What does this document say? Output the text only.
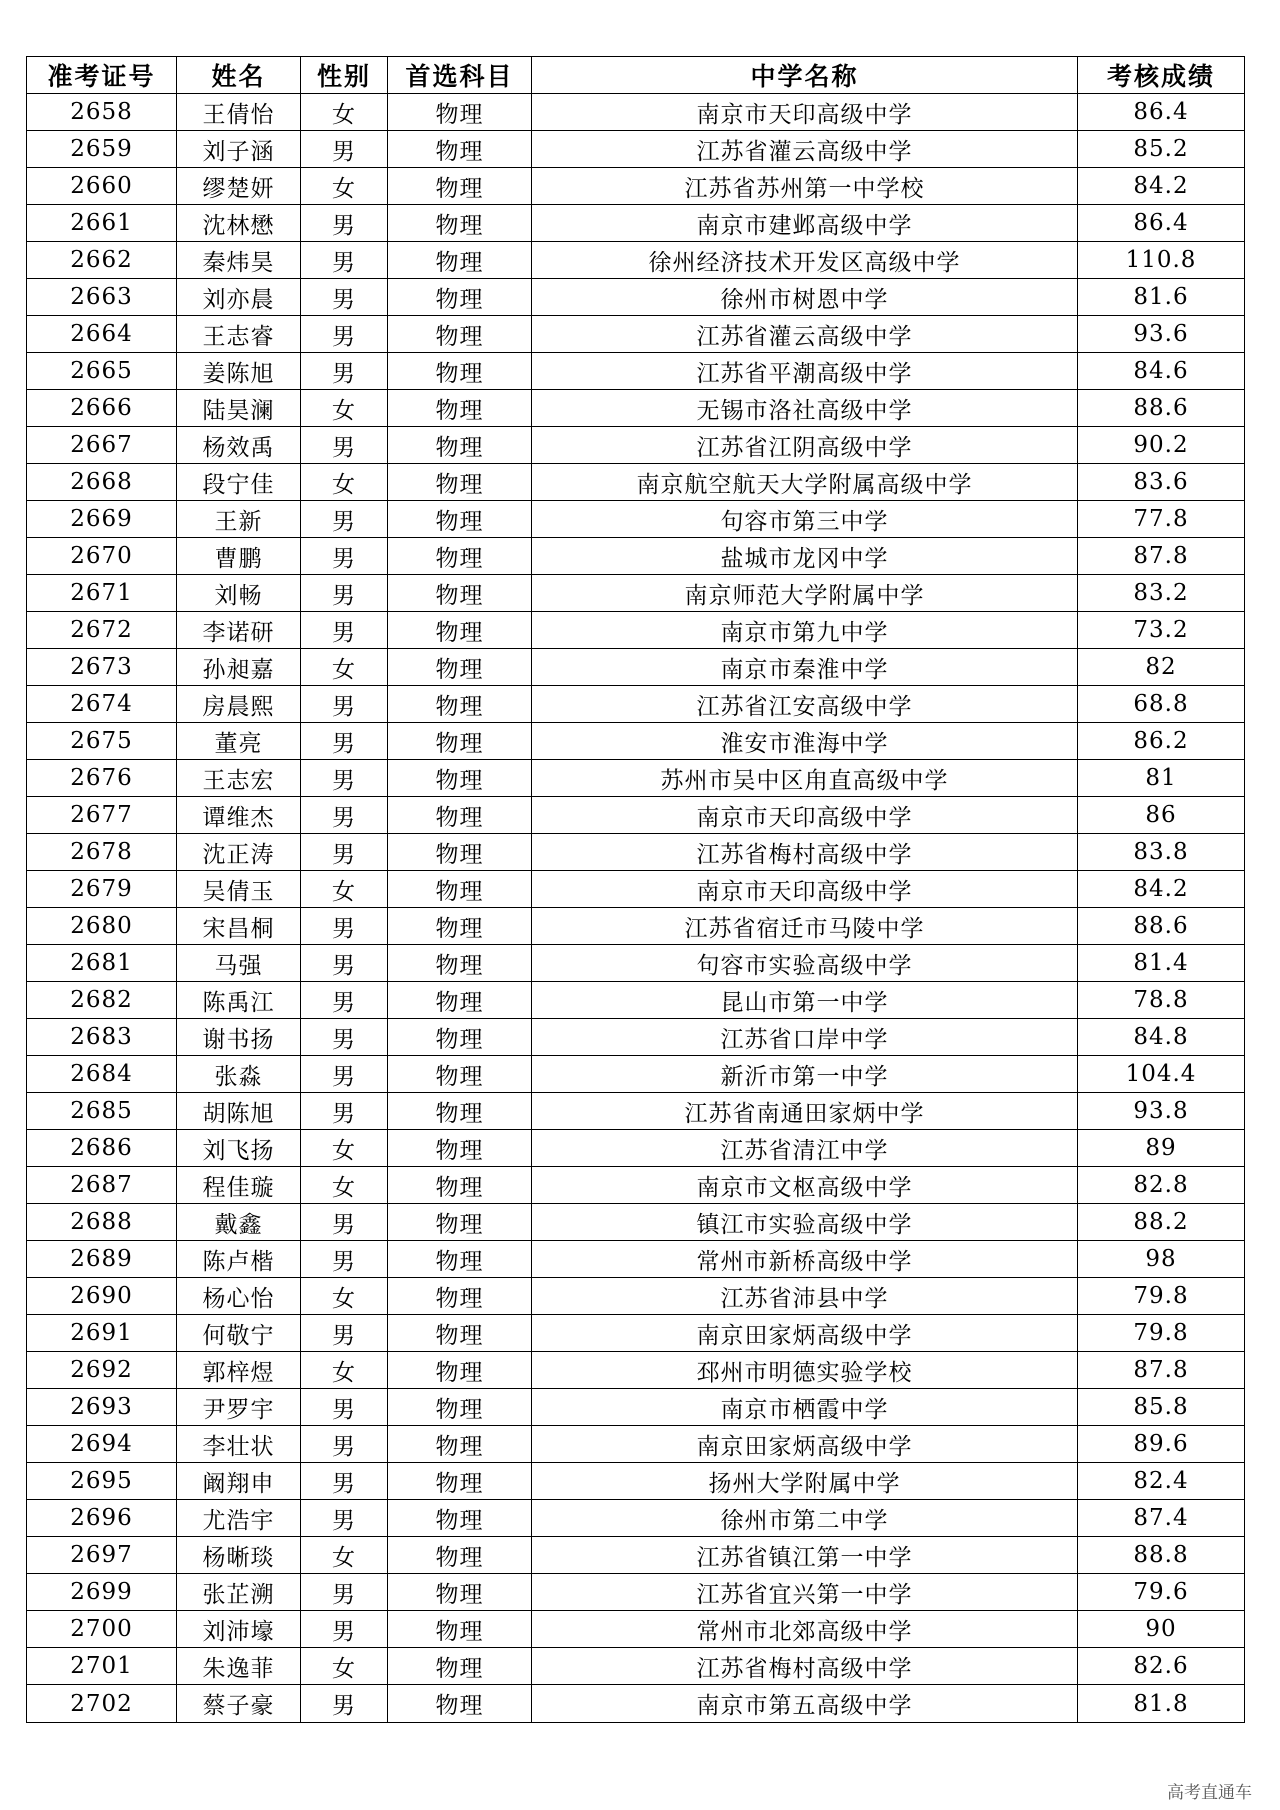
准考证号	姓名	性别	首选科目	中学名称	考核成绩
2658	王倩怡	女	物理	南京市天印高级中学	86.4
2659	刘子涵	男	物理	江苏省灌云高级中学	85.2
2660	缪楚妍	女	物理	江苏省苏州第一中学校	84.2
2661	沈林懋	男	物理	南京市建邺高级中学	86.4
2662	秦炜昊	男	物理	徐州经济技术开发区高级中学	110.8
2663	刘亦晨	男	物理	徐州市树恩中学	81.6
2664	王志睿	男	物理	江苏省灌云高级中学	93.6
2665	姜陈旭	男	物理	江苏省平潮高级中学	84.6
2666	陆昊澜	女	物理	无锡市洛社高级中学	88.6
2667	杨效禹	男	物理	江苏省江阴高级中学	90.2
2668	段宁佳	女	物理	南京航空航天大学附属高级中学	83.6
2669	王新	男	物理	句容市第三中学	77.8
2670	曹鹏	男	物理	盐城市龙冈中学	87.8
2671	刘畅	男	物理	南京师范大学附属中学	83.2
2672	李诺研	男	物理	南京市第九中学	73.2
2673	孙昶嘉	女	物理	南京市秦淮中学	82
2674	房晨熙	男	物理	江苏省江安高级中学	68.8
2675	董亮	男	物理	淮安市淮海中学	86.2
2676	王志宏	男	物理	苏州市吴中区甪直高级中学	81
2677	谭维杰	男	物理	南京市天印高级中学	86
2678	沈正涛	男	物理	江苏省梅村高级中学	83.8
2679	吴倩玉	女	物理	南京市天印高级中学	84.2
2680	宋昌桐	男	物理	江苏省宿迁市马陵中学	88.6
2681	马强	男	物理	句容市实验高级中学	81.4
2682	陈禹江	男	物理	昆山市第一中学	78.8
2683	谢书扬	男	物理	江苏省口岸中学	84.8
2684	张淼	男	物理	新沂市第一中学	104.4
2685	胡陈旭	男	物理	江苏省南通田家炳中学	93.8
2686	刘飞扬	女	物理	江苏省清江中学	89
2687	程佳璇	女	物理	南京市文枢高级中学	82.8
2688	戴鑫	男	物理	镇江市实验高级中学	88.2
2689	陈卢楷	男	物理	常州市新桥高级中学	98
2690	杨心怡	女	物理	江苏省沛县中学	79.8
2691	何敬宁	男	物理	南京田家炳高级中学	79.8
2692	郭梓煜	女	物理	邳州市明德实验学校	87.8
2693	尹罗宇	男	物理	南京市栖霞中学	85.8
2694	李壮状	男	物理	南京田家炳高级中学	89.6
2695	阚翔申	男	物理	扬州大学附属中学	82.4
2696	尤浩宇	男	物理	徐州市第二中学	87.4
2697	杨晰琰	女	物理	江苏省镇江第一中学	88.8
2699	张芷溯	男	物理	江苏省宜兴第一中学	79.6
2700	刘沛壕	男	物理	常州市北郊高级中学	90
2701	朱逸菲	女	物理	江苏省梅村高级中学	82.6
2702	蔡子豪	男	物理	南京市第五高级中学	81.8
高考直通车
